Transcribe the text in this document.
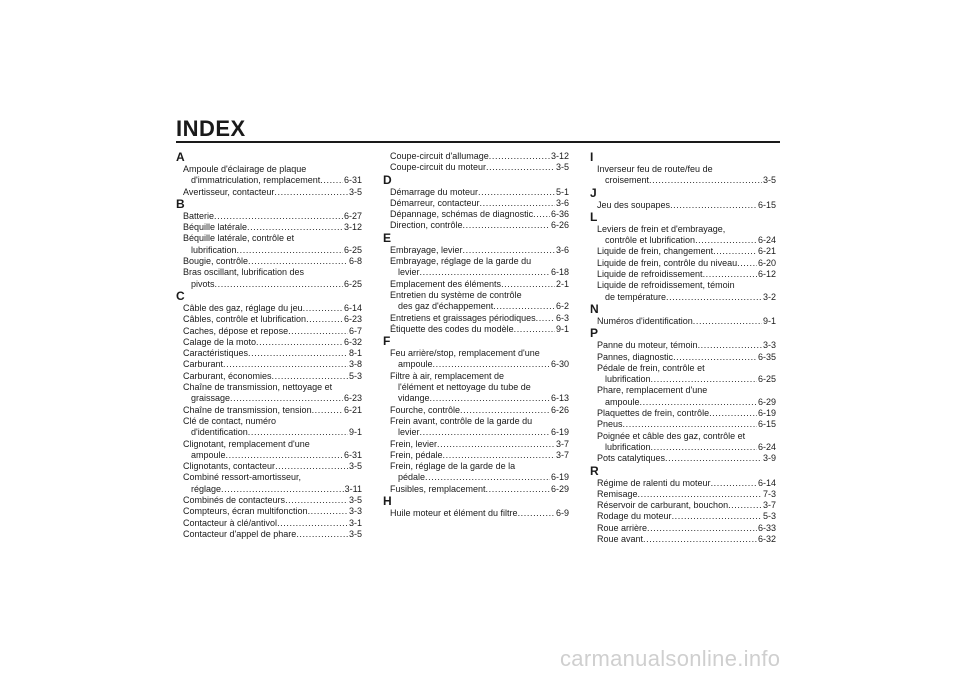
INDEX
A
Ampoule d'éclairage de plaque
d'immatriculation, remplacement .....	6-31
Avertisseur, contacteur .....	3-5
B
Batterie .....	6-27
Béquille latérale .....	3-12
Béquille latérale, contrôle et
lubrification .....	6-25
Bougie, contrôle .....	6-8
Bras oscillant, lubrification des
pivots .....	6-25
C
Câble des gaz, réglage du jeu .....	6-14
Câbles, contrôle et lubrification .....	6-23
Caches, dépose et repose .....	6-7
Calage de la moto .....	6-32
Caractéristiques .....	8-1
Carburant .....	3-8
Carburant, économies .....	5-3
Chaîne de transmission, nettoyage et
graissage .....	6-23
Chaîne de transmission, tension .....	6-21
Clé de contact, numéro
d'identification .....	9-1
Clignotant, remplacement d'une
ampoule .....	6-31
Clignotants, contacteur .....	3-5
Combiné ressort-amortisseur,
réglage .....	3-11
Combinés de contacteurs .....	3-5
Compteurs, écran multifonction .....	3-3
Contacteur à clé/antivol .....	3-1
Contacteur d'appel de phare .....	3-5
Coupe-circuit d'allumage .....	3-12
Coupe-circuit du moteur .....	3-5
D
Démarrage du moteur .....	5-1
Démarreur, contacteur .....	3-6
Dépannage, schémas de diagnostic ..... 6-36
Direction, contrôle .....	6-26
E
Embrayage, levier .....	3-6
Embrayage, réglage de la garde du
levier .....	6-18
Emplacement des éléments .....	2-1
Entretien du système de contrôle
des gaz d'échappement .....	6-2
Entretiens et graissages périodiques ..... 6-3
Étiquette des codes du modèle .....	9-1
F
Feu arrière/stop, remplacement d'une
ampoule .....	6-30
Filtre à air, remplacement de
l'élément et nettoyage du tube de
vidange .....	6-13
Fourche, contrôle .....	6-26
Frein avant, contrôle de la garde du
levier .....	6-19
Frein, levier .....	3-7
Frein, pédale .....	3-7
Frein, réglage de la garde de la
pédale .....	6-19
Fusibles, remplacement .....	6-29
H
Huile moteur et élément du filtre .....	6-9
I
Inverseur feu de route/feu de
croisement .....	3-5
J
Jeu des soupapes .....	6-15
L
Leviers de frein et d'embrayage,
contrôle et lubrification .....	6-24
Liquide de frein, changement .....	6-21
Liquide de frein, contrôle du niveau ..... 6-20
Liquide de refroidissement .....	6-12
Liquide de refroidissement, témoin
de température .....	3-2
N
Numéros d'identification .....	9-1
P
Panne du moteur, témoin .....	3-3
Pannes, diagnostic .....	6-35
Pédale de frein, contrôle et
lubrification .....	6-25
Phare, remplacement d'une
ampoule .....	6-29
Plaquettes de frein, contrôle .....	6-19
Pneus .....	6-15
Poignée et câble des gaz, contrôle et
lubrification .....	6-24
Pots catalytiques .....	3-9
R
Régime de ralenti du moteur .....	6-14
Remisage .....	7-3
Réservoir de carburant, bouchon .....	3-7
Rodage du moteur .....	5-3
Roue arrière .....	6-33
Roue avant .....	6-32
carmanualsonline.info
